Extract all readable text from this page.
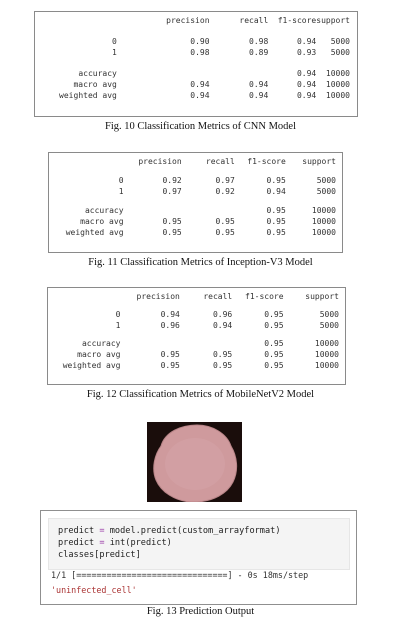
	precision	recall	f1-score	support

0	0.90	0.98	0.94	5000
1	0.98	0.89	0.93	5000

accuracy			0.94	10000
macro avg	0.94	0.94	0.94	10000
weighted avg	0.94	0.94	0.94	10000
Fig. 10 Classification Metrics of CNN Model
	precision	recall	f1-score	support

0	0.92	0.97	0.95	5000
1	0.97	0.92	0.94	5000

accuracy			0.95	10000
macro avg	0.95	0.95	0.95	10000
weighted avg	0.95	0.95	0.95	10000
Fig. 11 Classification Metrics of Inception-V3 Model
	precision	recall	f1-score	support

0	0.94	0.96	0.95	5000
1	0.96	0.94	0.95	5000

accuracy			0.95	10000
macro avg	0.95	0.95	0.95	10000
weighted avg	0.95	0.95	0.95	10000
Fig. 12 Classification Metrics of MobileNetV2 Model
predict = model.predict(custom_arrayformat)
predict = int(predict)
classes[predict]
1/1 [==============================] - 0s 18ms/step
'uninfected_cell'
Fig. 13 Prediction Output
